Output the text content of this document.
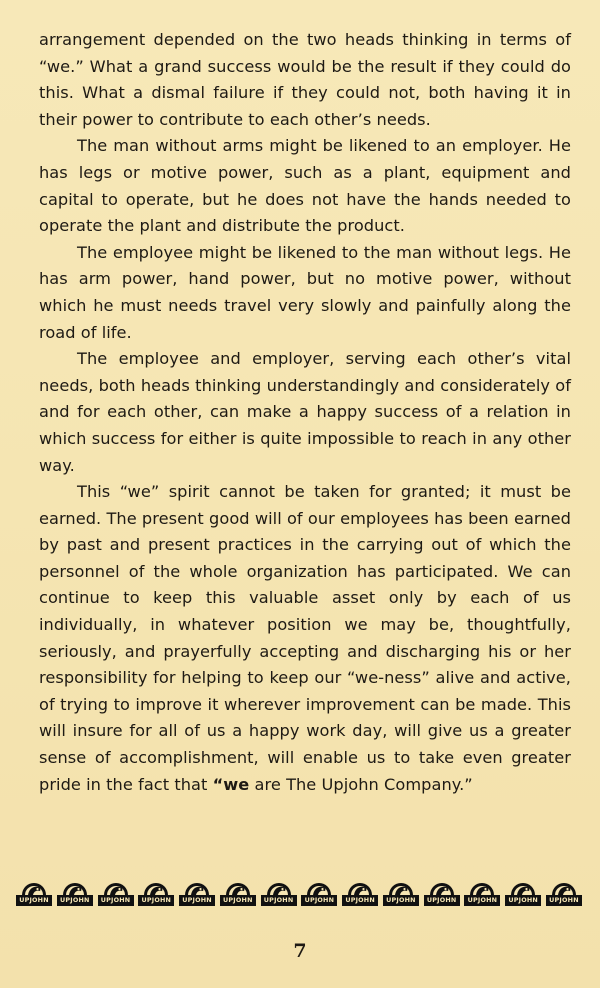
arrangement depended on the two heads thinking in terms of “we.” What a grand success would be the result if they could do this. What a dismal failure if they could not, both having it in their power to contribute to each other’s needs.

The man without arms might be likened to an employer. He has legs or motive power, such as a plant, equipment and capital to operate, but he does not have the hands needed to operate the plant and distribute the product.

The employee might be likened to the man without legs. He has arm power, hand power, but no motive power, without which he must needs travel very slowly and painfully along the road of life.

The employee and employer, serving each other’s vital needs, both heads thinking understandingly and considerately of and for each other, can make a happy success of a relation in which success for either is quite impossible to reach in any other way.

This “we” spirit cannot be taken for granted; it must be earned. The present good will of our employees has been earned by past and present practices in the carrying out of which the personnel of the whole organization has participated. We can continue to keep this valuable asset only by each of us individually, in whatever position we may be, thoughtfully, seriously, and prayerfully accepting and discharging his or her responsibility for helping to keep our “we-ness” alive and active, of trying to improve it wherever improvement can be made. This will insure for all of us a happy work day, will give us a greater sense of accomplishment, will enable us to take even greater pride in the fact that “we are The Upjohn Company.”

UPJOHN	UPJOHN	UPJOHN	UPJOHN	UPJOHN	UPJOHN	UPJOHN	UPJOHN	UPJOHN	UPJOHN	UPJOHN	UPJOHN	UPJOHN	UPJOHN
7
